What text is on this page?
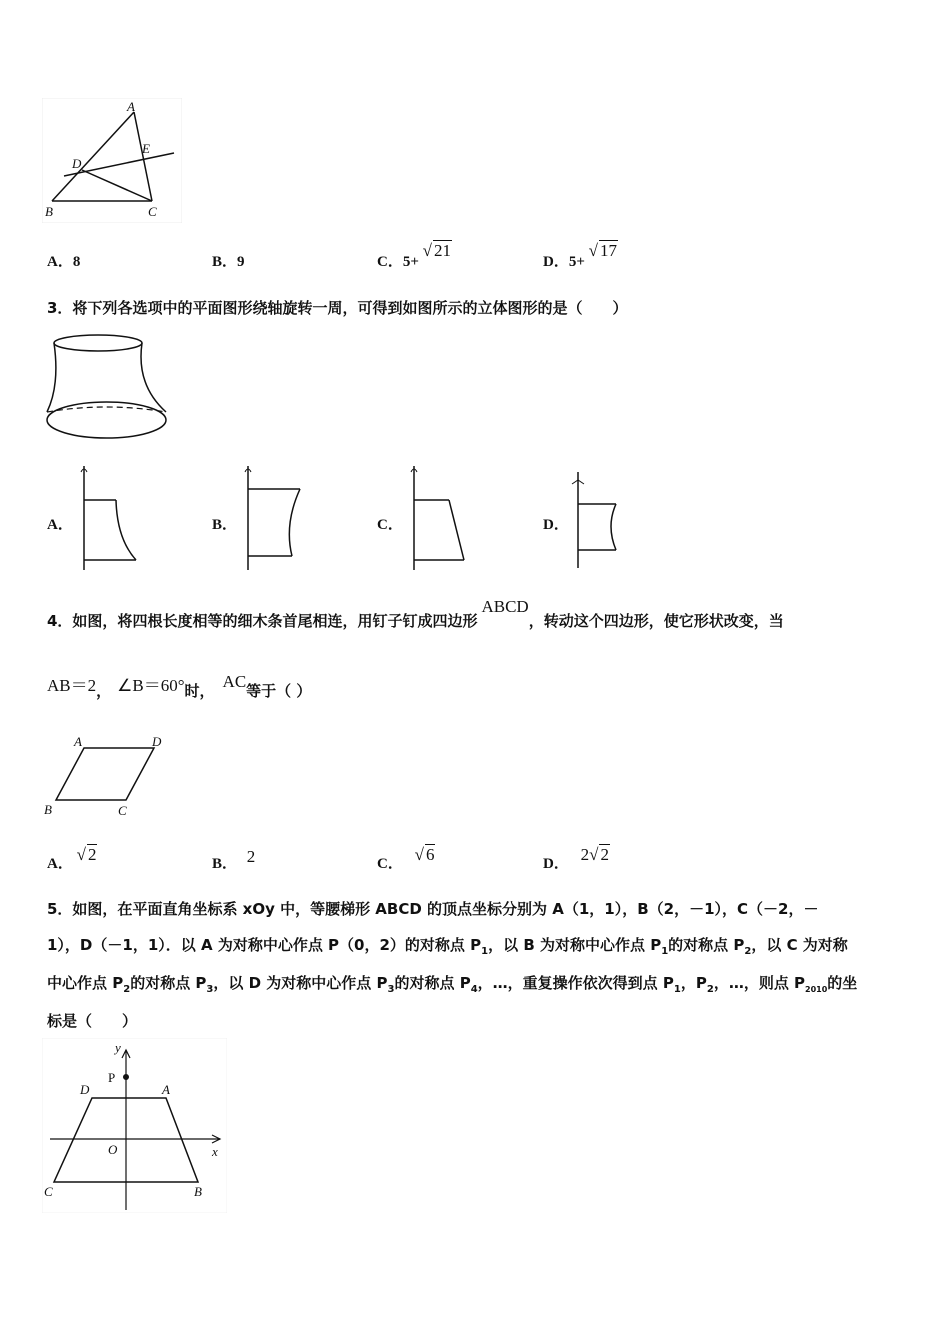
A
E
D
B	C
A．8	B．9	C．5+ √ 21
D．5+ √ 17
3．将下列各选项中的平面图形绕轴旋转一周，可得到如图所示的立体图形的是（　　）
A．	B．	C．	D．
4．如图，将四根长度相等的细木条首尾相连，用钉子钉成四边形ABCD，转动这个四边形，使它形状改变，当
AB＝2， ∠B＝60°时， AC等于（ ）
A	D
B	C
A． √ 2	B． 2	C． √ 6	D． 2√ 2
5．如图，在平面直角坐标系 xOy 中，等腰梯形 ABCD 的顶点坐标分别为 A（1，1），B（2，－1），C（－2，－
1），D（－1，1）．以 A 为对称中心作点 P（0，2）的对称点 $P_1$，以 B 为对称中心作点 $P_1$的对称点 $P_2$，以 C 为对称
中心作点 $P_2$的对称点 $P_3$，以 D 为对称中心作点 $P_3$的对称点 $P_4$，…，重复操作依次得到点 $P_1$，$P_2$，…，则点 $P_{2010}$的坐
标是（　　）
y
x
O
P
D	A
C	B
